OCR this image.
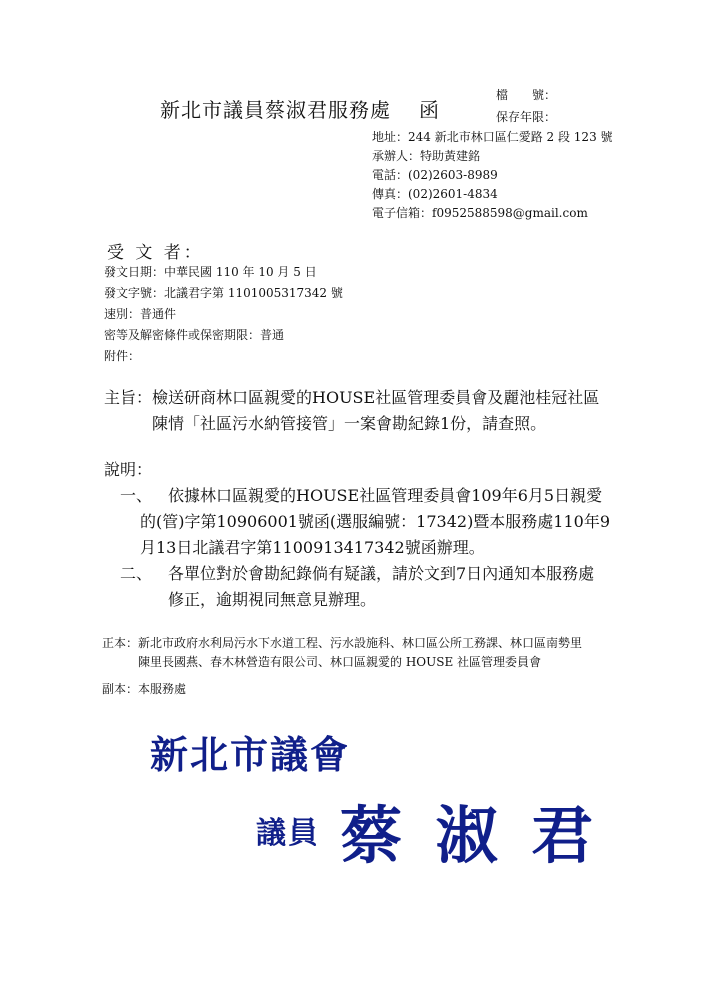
新北市議員蔡淑君服務處 函
檔　　號：
保存年限：
地址：244 新北市林口區仁愛路 2 段 123 號
承辦人：特助黃建銘
電話：(02)2603-8989
傳真：(02)2601-4834
電子信箱：f0952588598@gmail.com
受 文 者：
發文日期：中華民國 110 年 10 月 5 日
發文字號：北議君字第 1101005317342 號
速別：普通件
密等及解密條件或保密期限：普通
附件：
主旨：檢送研商林口區親愛的HOUSE社區管理委員會及麗池桂冠社區
陳情「社區污水納管接管」一案會勘紀錄1份，請查照。
說明：
一、 依據林口區親愛的HOUSE社區管理委員會109年6月5日親愛
的(管)字第10906001號函(選服編號：17342)暨本服務處110年9
月13日北議君字第1100913417342號函辦理。
二、 各單位對於會勘紀錄倘有疑議，請於文到7日內通知本服務處
修正，逾期視同無意見辦理。
正本：新北市政府水利局污水下水道工程、污水設施科、林口區公所工務課、林口區南勢里
陳里長國燕、春木林營造有限公司、林口區親愛的 HOUSE 社區管理委員會
副本：本服務處
新北市議會
議員 蔡 淑 君
